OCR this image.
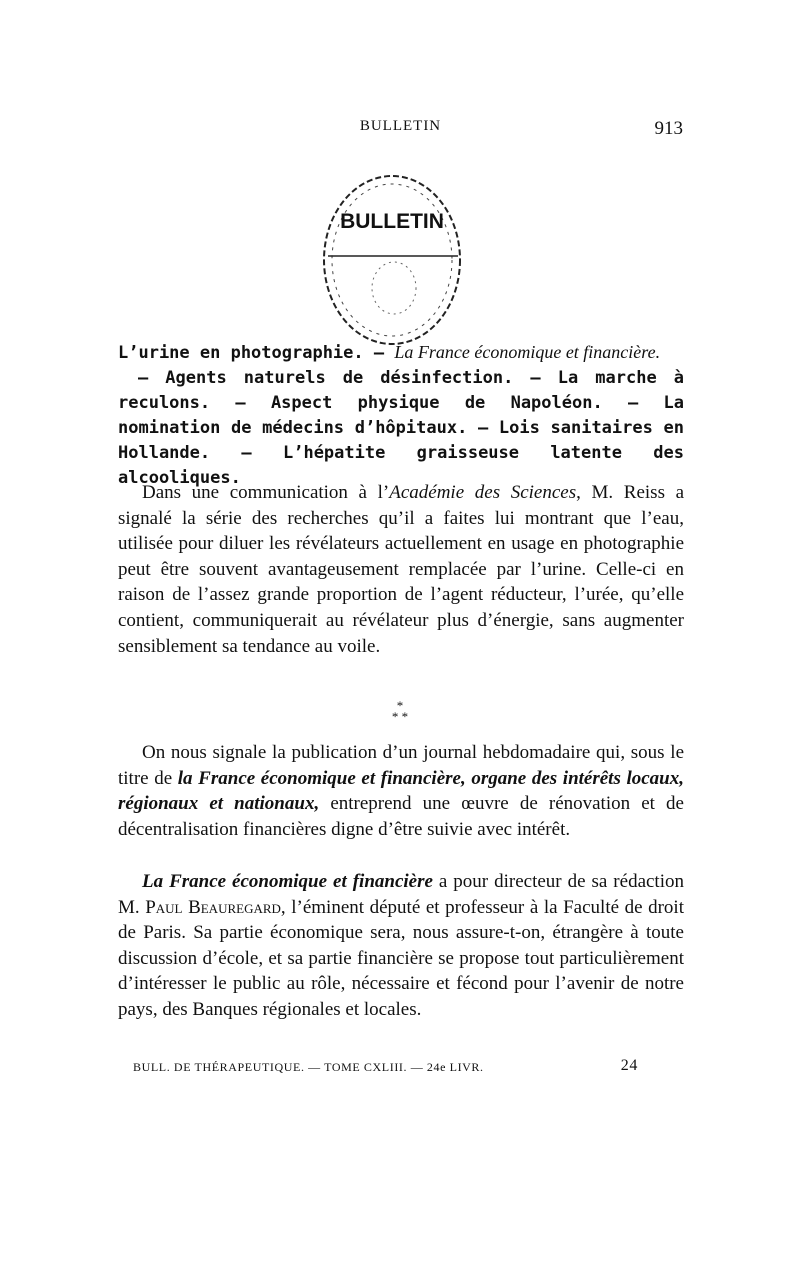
BULLETIN	913
BULLETIN
L’urine en photographie. — La France économique et financière.
— Agents naturels de désinfection. — La marche à reculons. — Aspect physique de Napoléon. — La nomination de médecins d’hôpitaux. — Lois sanitaires en Hollande. — L’hépatite graisseuse latente des alcooliques.

Dans une communication à l’Académie des Sciences, M. Reiss a signalé la série des recherches qu’il a faites lui montrant que l’eau, utilisée pour diluer les révélateurs actuellement en usage en photographie peut être souvent avantageusement remplacée par l’urine. Celle-ci en raison de l’assez grande proportion de l’agent réducteur, l’urée, qu’elle contient, communiquerait au révélateur plus d’énergie, sans augmenter sensiblement sa tendance au voile.

*
* *

On nous signale la publication d’un journal hebdomadaire qui, sous le titre de la France économique et financière, organe des intérêts locaux, régionaux et nationaux, entreprend une œuvre de rénovation et de décentralisation financières digne d’être suivie avec intérêt.

La France économique et financière a pour directeur de sa rédaction M. Paul Beauregard, l’éminent député et professeur à la Faculté de droit de Paris. Sa partie économique sera, nous assure-t-on, étrangère à toute discussion d’école, et sa partie financière se propose tout particulièrement d’intéresser le public au rôle, nécessaire et fécond pour l’avenir de notre pays, des Banques régionales et locales.

BULL. DE THÉRAPEUTIQUE. — TOME CXLIII. — 24e LIVR.	24
